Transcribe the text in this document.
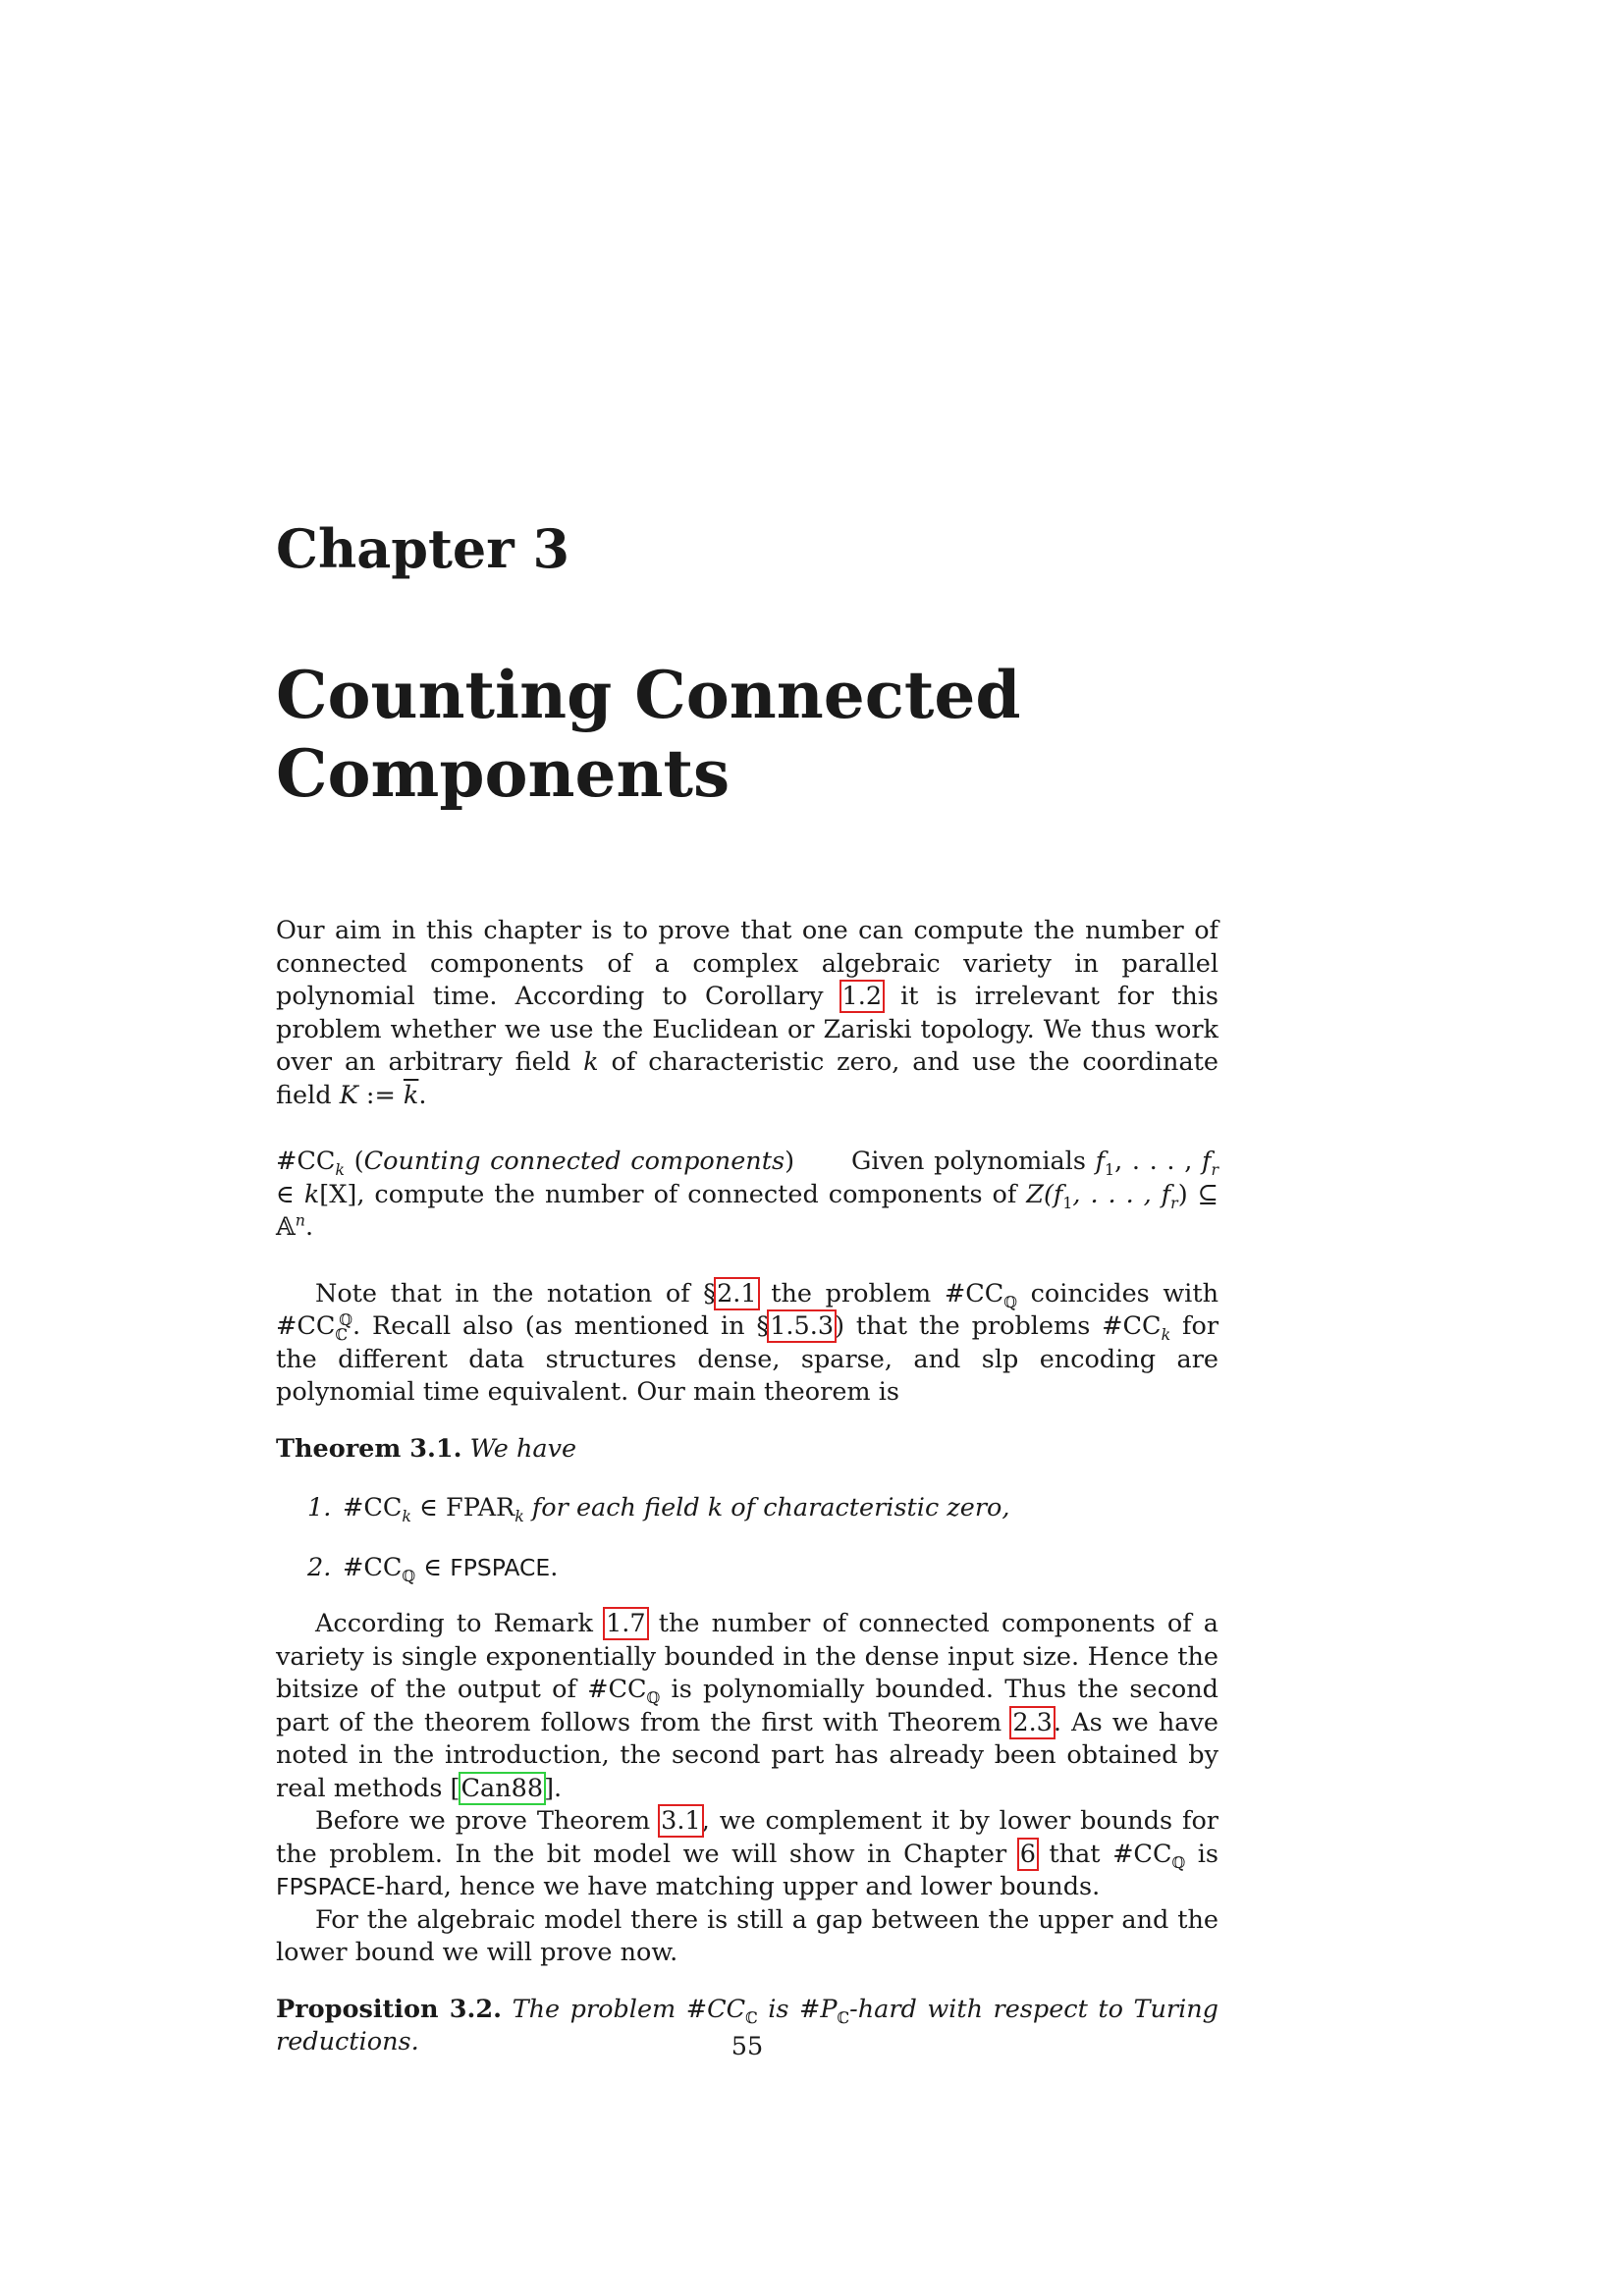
Chapter 3
Counting Connected
Components

Our aim in this chapter is to prove that one can compute the number of connected components of a complex algebraic variety in parallel polynomial time. According to Corollary 1.2 it is irrelevant for this problem whether we use the Euclidean or Zariski topology. We thus work over an arbitrary field k of characteristic zero, and use the coordinate field K := $\overline{k}$.

$\#CC_k$ (Counting connected components)      Given polynomials $f_1$, . . . , $f_r$ ∈ k[X], compute the number of connected components of $Z(f_1$, . . . , $f_r$) ⊆ 𝔸$^n$.

Note that in the notation of §2.1 the problem $\#CC_ℚ$ coincides with $\#CC_ℂ^ℚ$. Recall also (as mentioned in §1.5.3) that the problems $\#CC_k$ for the different data structures dense, sparse, and slp encoding are polynomial time equivalent. Our main theorem is

Theorem 3.1. We have

1. $\#CC_k$ ∈ $FPAR_k$ for each field k of characteristic zero,
2. $\#CC_ℚ$ ∈ FPSPACE.

According to Remark 1.7 the number of connected components of a variety is single exponentially bounded in the dense input size. Hence the bitsize of the output of $\#CC_ℚ$ is polynomially bounded. Thus the second part of the theorem follows from the first with Theorem 2.3. As we have noted in the introduction, the second part has already been obtained by real methods [Can88].

Before we prove Theorem 3.1, we complement it by lower bounds for the problem. In the bit model we will show in Chapter 6 that $\#CC_ℚ$ is FPSPACE-hard, hence we have matching upper and lower bounds.

For the algebraic model there is still a gap between the upper and the lower bound we will prove now.

Proposition 3.2. The problem $\#CC_ℂ$ is $\#P_ℂ$-hard with respect to Turing reductions.	55
